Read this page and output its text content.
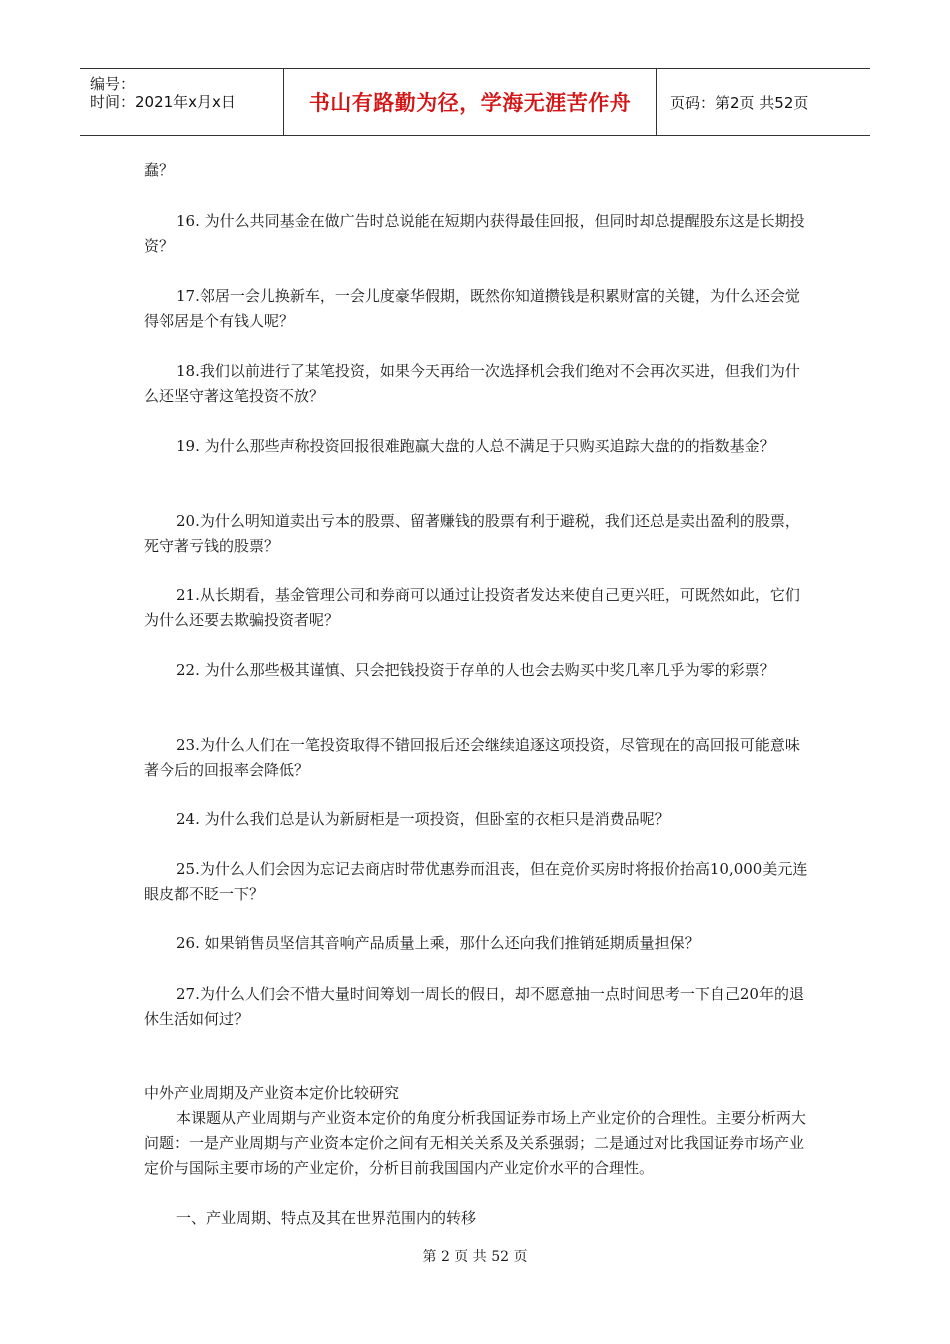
编号：
时间：2021年x月x日	书山有路勤为径，学海无涯苦作舟	页码：第2页 共52页

蠢？

16. 为什么共同基金在做广告时总说能在短期内获得最佳回报，但同时却总提醒股东这是长期投资？

17.邻居一会儿换新车，一会儿度豪华假期，既然你知道攒钱是积累财富的关键，为什么还会觉得邻居是个有钱人呢？

18.我们以前进行了某笔投资，如果今天再给一次选择机会我们绝对不会再次买进，但我们为什么还坚守著这笔投资不放？

19. 为什么那些声称投资回报很难跑赢大盘的人总不满足于只购买追踪大盘的的指数基金？

20.为什么明知道卖出亏本的股票、留著赚钱的股票有利于避税，我们还总是卖出盈利的股票，死守著亏钱的股票？

21.从长期看，基金管理公司和券商可以通过让投资者发达来使自己更兴旺，可既然如此，它们为什么还要去欺骗投资者呢？

22. 为什么那些极其谨慎、只会把钱投资于存单的人也会去购买中奖几率几乎为零的彩票？

23.为什么人们在一笔投资取得不错回报后还会继续追逐这项投资，尽管现在的高回报可能意味著今后的回报率会降低？

24. 为什么我们总是认为新厨柜是一项投资，但卧室的衣柜只是消费品呢？

25.为什么人们会因为忘记去商店时带优惠券而沮丧，但在竞价买房时将报价抬高10,000美元连眼皮都不眨一下？

26. 如果销售员坚信其音响产品质量上乘，那什么还向我们推销延期质量担保？

27.为什么人们会不惜大量时间筹划一周长的假日，却不愿意抽一点时间思考一下自己20年的退休生活如何过？

中外产业周期及产业资本定价比较研究

本课题从产业周期与产业资本定价的角度分析我国证券市场上产业定价的合理性。主要分析两大问题：一是产业周期与产业资本定价之间有无相关关系及关系强弱；二是通过对比我国证券市场产业定价与国际主要市场的产业定价，分析目前我国国内产业定价水平的合理性。

一、产业周期、特点及其在世界范围内的转移

第 2 页 共 52 页
